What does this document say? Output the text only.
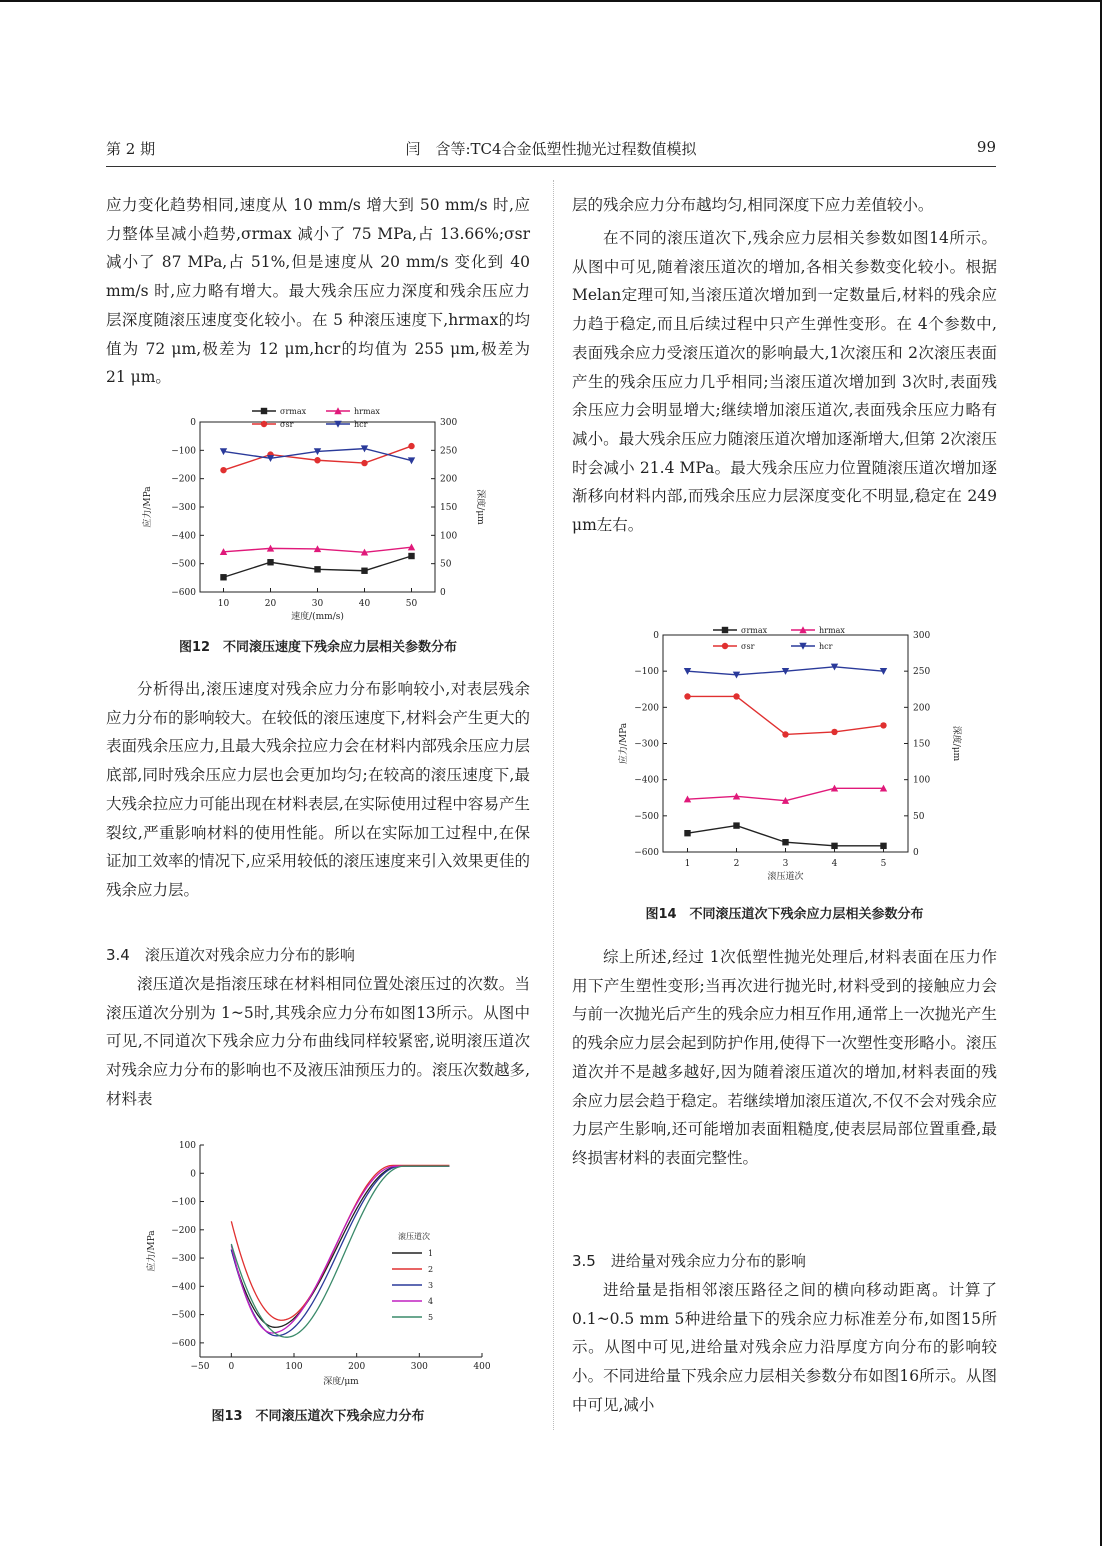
第 2 期	闫　含等:TC4合金低塑性抛光过程数值模拟	99

应力变化趋势相同,速度从 10 mm/s 增大到 50 mm/s 时,应力整体呈减小趋势,σrmax 减小了 75 MPa,占 13.66%;σsr减小了 87 MPa,占 51%,但是速度从 20 mm/s 变化到 40 mm/s 时,应力略有增大。最大残余压应力深度和残余压应力层深度随滚压速度变化较小。在 5 种滚压速度下,hrmax的均值为 72 μm,极差为 12 μm,hcr的均值为 255 μm,极差为 21 μm。

0
−100
−200
−300
−400
−500
−600
300
250
200
150
100
50
0
10	20	30	40	50
速度/(mm/s)
应力/MPa	深度/μm
σrmax
σsr
hrmax
hcr
图12　不同滚压速度下残余应力层相关参数分布

分析得出,滚压速度对残余应力分布影响较小,对表层残余应力分布的影响较大。在较低的滚压速度下,材料会产生更大的表面残余压应力,且最大残余拉应力会在材料内部残余压应力层底部,同时残余压应力层也会更加均匀;在较高的滚压速度下,最大残余拉应力可能出现在材料表层,在实际使用过程中容易产生裂纹,严重影响材料的使用性能。所以在实际加工过程中,在保证加工效率的情况下,应采用较低的滚压速度来引入效果更佳的残余应力层。

3.4　滚压道次对残余应力分布的影响

滚压道次是指滚压球在材料相同位置处滚压过的次数。当滚压道次分别为 1~5时,其残余应力分布如图13所示。从图中可见,不同道次下残余应力分布曲线同样较紧密,说明滚压道次对残余应力分布的影响也不及液压油预压力的。滚压次数越多,材料表

100
0
−100
−200
−300
−400
−500
−600
−50 0	100	200	300	400
深度/μm
应力/MPa	滚压道次
1
2
3
4
5
图13　不同滚压道次下残余应力分布

层的残余应力分布越均匀,相同深度下应力差值较小。

在不同的滚压道次下,残余应力层相关参数如图14所示。从图中可见,随着滚压道次的增加,各相关参数变化较小。根据 Melan定理可知,当滚压道次增加到一定数量后,材料的残余应力趋于稳定,而且后续过程中只产生弹性变形。在 4个参数中,表面残余应力受滚压道次的影响最大,1次滚压和 2次滚压表面产生的残余压应力几乎相同;当滚压道次增加到 3次时,表面残余压应力会明显增大;继续增加滚压道次,表面残余压应力略有减小。最大残余压应力随滚压道次增加逐渐增大,但第 2次滚压时会减小 21.4 MPa。最大残余压应力位置随滚压道次增加逐渐移向材料内部,而残余压应力层深度变化不明显,稳定在 249 μm左右。

0
−100
−200
−300
−400
−500
−600
300
250
200
150
100
50
0
1	2	3	4	5
滚压道次
应力/MPa	深度/μm
σrmax
σsr
hrmax
hcr
图14　不同滚压道次下残余应力层相关参数分布

综上所述,经过 1次低塑性抛光处理后,材料表面在压力作用下产生塑性变形;当再次进行抛光时,材料受到的接触应力会与前一次抛光后产生的残余应力相互作用,通常上一次抛光产生的残余应力层会起到防护作用,使得下一次塑性变形略小。滚压道次并不是越多越好,因为随着滚压道次的增加,材料表面的残余应力层会趋于稳定。若继续增加滚压道次,不仅不会对残余应力层产生影响,还可能增加表面粗糙度,使表层局部位置重叠,最终损害材料的表面完整性。

3.5　进给量对残余应力分布的影响

进给量是指相邻滚压路径之间的横向移动距离。计算了 0.1~0.5 mm 5种进给量下的残余应力标准差分布,如图15所示。从图中可见,进给量对残余应力沿厚度方向分布的影响较小。不同进给量下残余应力层相关参数分布如图16所示。从图中可见,减小
